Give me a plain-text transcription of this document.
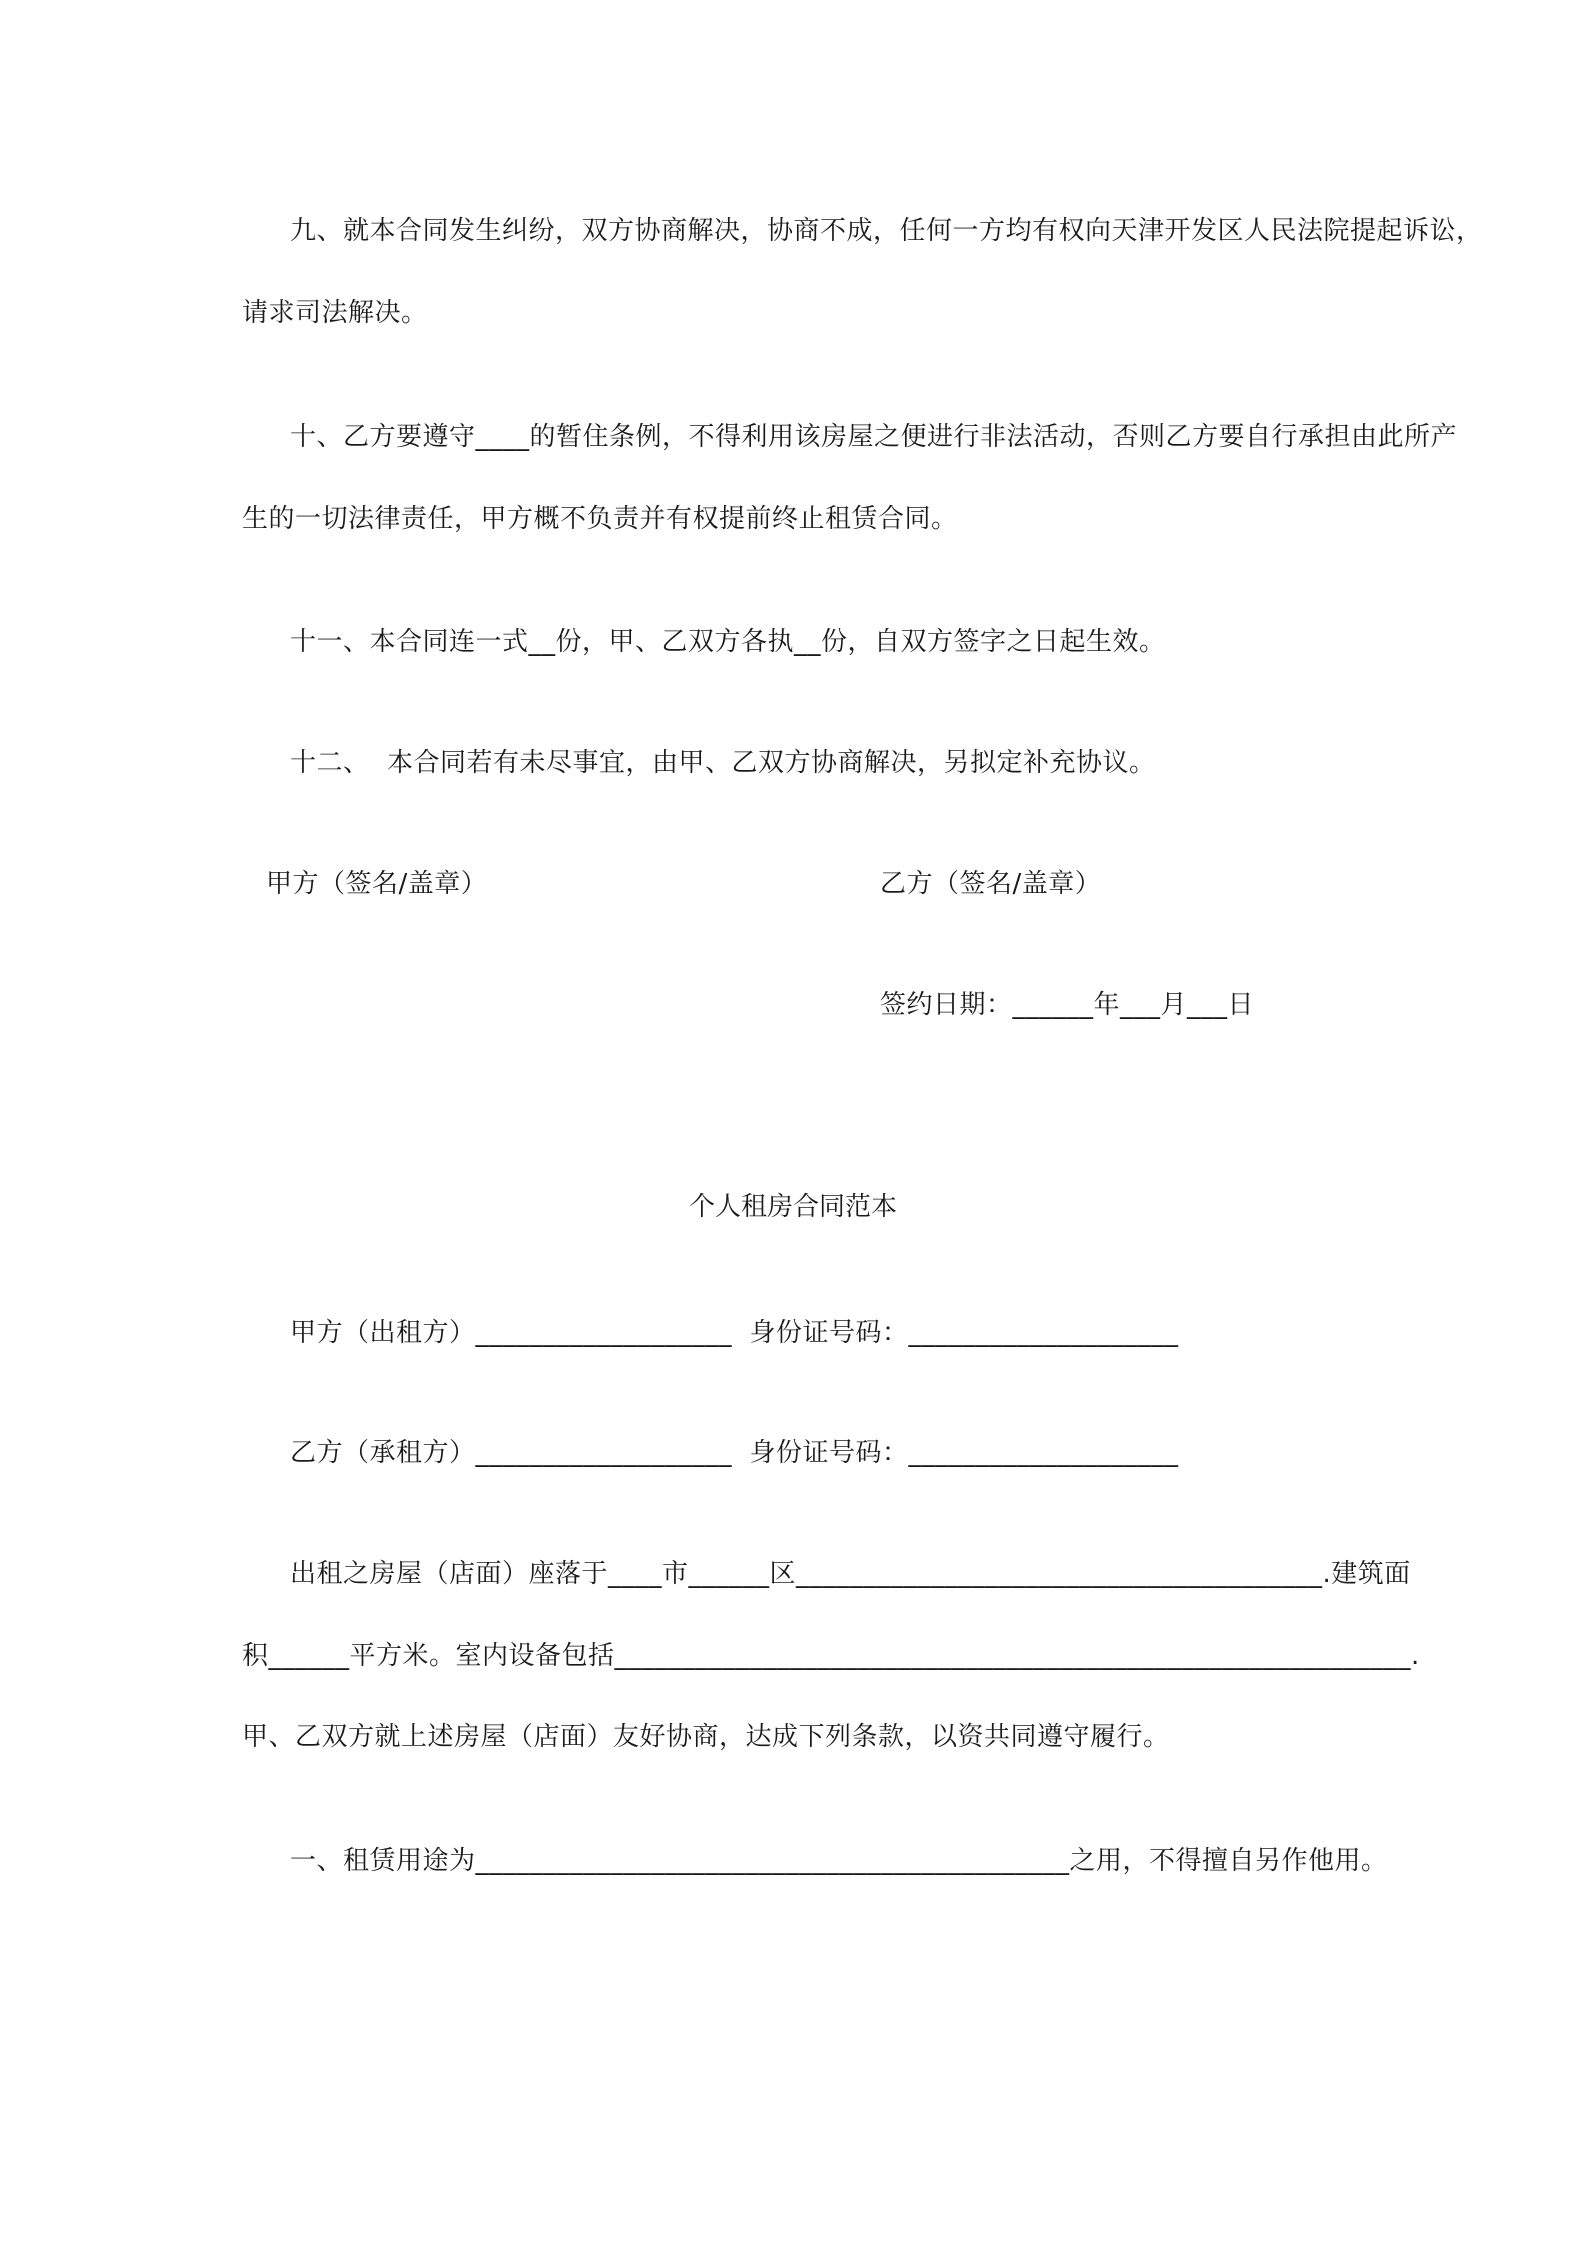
九、就本合同发生纠纷，双方协商解决，协商不成，任何一方均有权向天津开发区人民法院提起诉讼，
请求司法解决。
十、乙方要遵守____的暂住条例，不得利用该房屋之便进行非法活动，否则乙方要自行承担由此所产
生的一切法律责任，甲方概不负责并有权提前终止租赁合同。
十一、本合同连一式__份，甲、乙双方各执__份，自双方签字之日起生效。
十二、  本合同若有未尽事宜，由甲、乙双方协商解决，另拟定补充协议。
甲方（签名/盖章）	乙方（签名/盖章）
签约日期：______年___月___日
个人租房合同范本
甲方（出租方）___________________  身份证号码：____________________
乙方（承租方）___________________  身份证号码：____________________
出租之房屋（店面）座落于____市______区_______________________________________.建筑面
积______平方米。室内设备包括___________________________________________________________.
甲、乙双方就上述房屋（店面）友好协商，达成下列条款，以资共同遵守履行。
一、租赁用途为____________________________________________之用，不得擅自另作他用。
